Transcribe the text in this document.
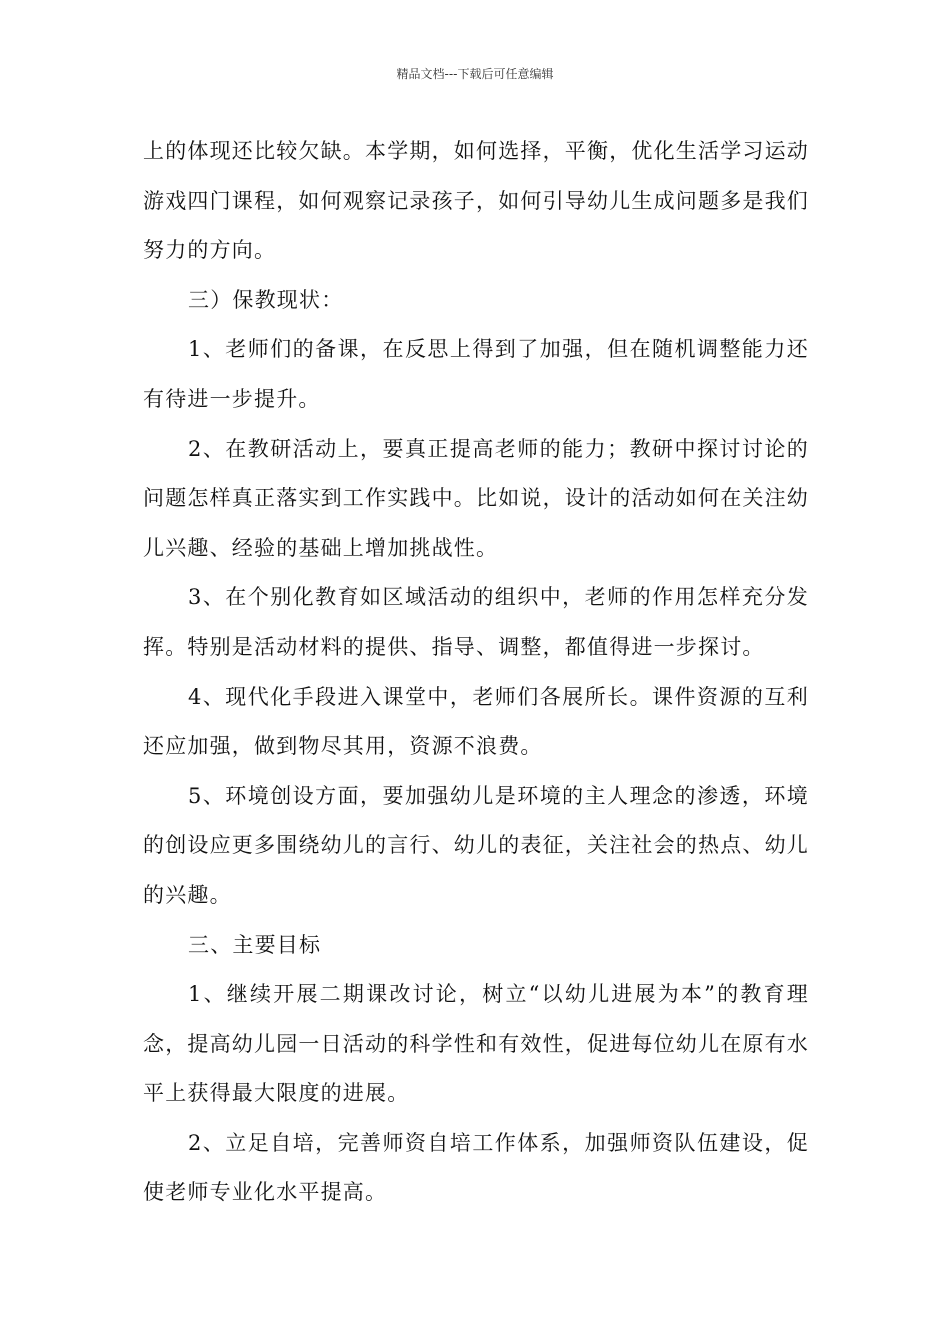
精品文档---下载后可任意编辑

上的体现还比较欠缺。本学期，如何选择，平衡，优化生活学习运动游戏四门课程，如何观察记录孩子，如何引导幼儿生成问题多是我们努力的方向。

三）保教现状：

1、老师们的备课，在反思上得到了加强，但在随机调整能力还有待进一步提升。

2、在教研活动上，要真正提高老师的能力；教研中探讨讨论的问题怎样真正落实到工作实践中。比如说，设计的活动如何在关注幼儿兴趣、经验的基础上增加挑战性。

3、在个别化教育如区域活动的组织中，老师的作用怎样充分发挥。特别是活动材料的提供、指导、调整，都值得进一步探讨。

4、现代化手段进入课堂中，老师们各展所长。课件资源的互利还应加强，做到物尽其用，资源不浪费。

5、环境创设方面，要加强幼儿是环境的主人理念的渗透，环境的创设应更多围绕幼儿的言行、幼儿的表征，关注社会的热点、幼儿的兴趣。

三、主要目标

1、继续开展二期课改讨论，树立“以幼儿进展为本”的教育理念，提高幼儿园一日活动的科学性和有效性，促进每位幼儿在原有水平上获得最大限度的进展。

2、立足自培，完善师资自培工作体系，加强师资队伍建设，促使老师专业化水平提高。
